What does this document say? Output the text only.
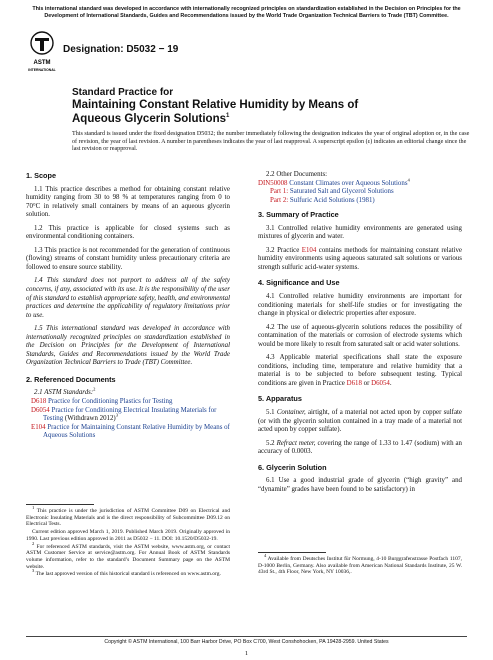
This international standard was developed in accordance with internationally recognized principles on standardization established in the Decision on Principles for the Development of International Standards, Guides and Recommendations issued by the World Trade Organization Technical Barriers to Trade (TBT) Committee.
ASTM
INTERNATIONAL
Designation: D5032 − 19
Standard Practice for
Maintaining Constant Relative Humidity by Means of
Aqueous Glycerin Solutions$^1$
This standard is issued under the fixed designation D5032; the number immediately following the designation indicates the year of original adoption or, in the case of revision, the year of last revision. A number in parentheses indicates the year of last reapproval. A superscript epsilon (ε) indicates an editorial change since the last revision or reapproval.
1. Scope

1.1 This practice describes a method for obtaining constant relative humidity ranging from 30 to 98 % at temperatures ranging from 0 to 70°C in relatively small containers by means of an aqueous glycerin solution.

1.2 This practice is applicable for closed systems such as environmental conditioning containers.

1.3 This practice is not recommended for the generation of continuous (flowing) streams of constant humidity unless precautionary criteria are followed to ensure source stability.

1.4 This standard does not purport to address all of the safety concerns, if any, associated with its use. It is the responsibility of the user of this standard to establish appropriate safety, health, and environmental practices and determine the applicability of regulatory limitations prior to use.

1.5 This international standard was developed in accordance with internationally recognized principles on standardization established in the Decision on Principles for the Development of International Standards, Guides and Recommendations issued by the World Trade Organization Technical Barriers to Trade (TBT) Committee.

2. Referenced Documents
2.1 ASTM Standards:$^2$
D618 Practice for Conditioning Plastics for Testing
D6054 Practice for Conditioning Electrical Insulating Materials for Testing (Withdrawn 2012)$^3$
E104 Practice for Maintaining Constant Relative Humidity by Means of Aqueous Solutions

$^1$ This practice is under the jurisdiction of ASTM Committee D09 on Electrical and Electronic Insulating Materials and is the direct responsibility of Subcommittee D09.12 on Electrical Tests.

Current edition approved March 1, 2019. Published March 2019. Originally approved in 1990. Last previous edition approved in 2011 as D5032 − 11. DOI: 10.1520/D5032-19.

$^2$ For referenced ASTM standards, visit the ASTM website, www.astm.org, or contact ASTM Customer Service at service@astm.org. For Annual Book of ASTM Standards volume information, refer to the standard’s Document Summary page on the ASTM website.

$^3$ The last approved version of this historical standard is referenced on www.astm.org.

2.2 Other Documents:
DIN50008 Constant Climates over Aqueous Solutions$^4$
Part 1: Saturated Salt and Glycerol Solutions
Part 2: Sulfuric Acid Solutions (1981)
3. Summary of Practice

3.1 Controlled relative humidity environments are generated using mixtures of glycerin and water.

3.2 Practice E104 contains methods for maintaining constant relative humidity environments using aqueous saturated salt solutions or various strength sulfuric acid-water systems.

4. Significance and Use

4.1 Controlled relative humidity environments are important for conditioning materials for shelf-life studies or for investigating the change in physical or dielectric properties after exposure.

4.2 The use of aqueous-glycerin solutions reduces the possibility of contamination of the materials or corrosion of electrode systems which would be more likely to result from saturated salt or acid water solutions.

4.3 Applicable material specifications shall state the exposure conditions, including time, temperature and relative humidity that a material is to be subjected to before subsequent testing. Typical conditions are given in Practice D618 or D6054.

5. Apparatus

5.1 Container, airtight, of a material not acted upon by copper sulfate (or with the glycerin solution contained in a tray made of a material not acted upon by copper sulfate).

5.2 Refract meter, covering the range of 1.33 to 1.47 (sodium) with an accuracy of 0.0003.

6. Glycerin Solution

6.1 Use a good industrial grade of glycerin (“high gravity” and “dynamite” grades have been found to be satisfactory) in

$^4$ Available from Deutsches Institut für Normung, 4-10 Burggrafenstrasse Postfach 1107, D-1000 Berlin, Germany. Also available from American National Standards Institute, 25 W. 43rd St., 4th Floor, New York, NY 10036,.

Copyright © ASTM International, 100 Barr Harbor Drive, PO Box C700, West Conshohocken, PA 19428-2959. United States
1
